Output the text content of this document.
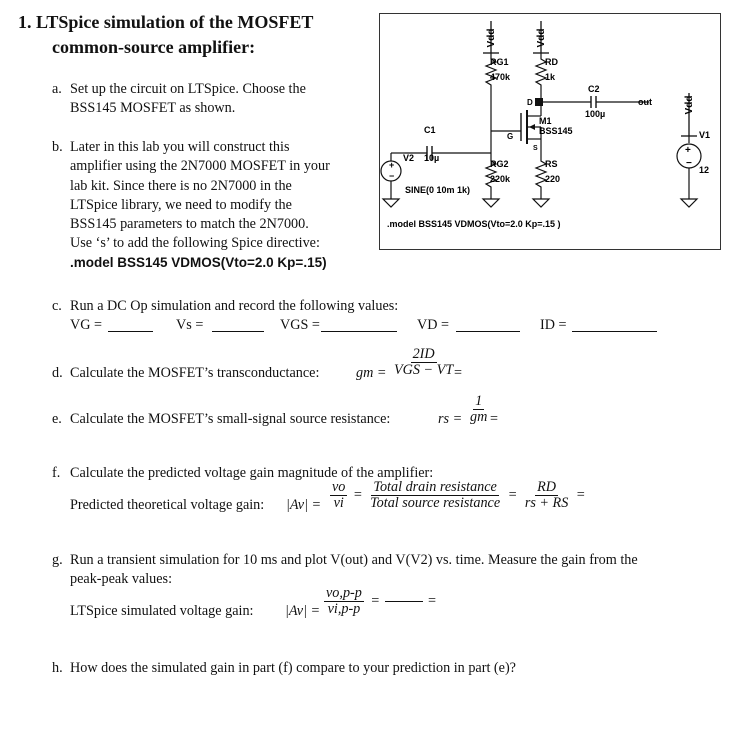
1. LTSpice simulation of the MOSFET
common-source amplifier:
a. Set up the circuit on LTSpice. Choose the
BSS145 MOSFET as shown.
b. Later in this lab you will construct this
amplifier using the 2N7000 MOSFET in your
lab kit. Since there is no 2N7000 in the
LTSpice library, we need to modify the
BSS145 parameters to match the 2N7000.
Use ‘s’ to add the following Spice directive:
.model BSS145 VDMOS(Vto=2.0 Kp=.15)
Vdd	Vdd
RG1
470k
RD
1k
D
C2
100µ
out
M1
BSS145
G
S
C1
V2 10µ
RG2
220k
RS
220
+
−
SINE(0 10m 1k)
Vdd
+
−
V1
12
.model BSS145 VDMOS(Vto=2.0 Kp=.15 )
c. Run a DC Op simulation and record the following values:
VG =	Vs =	VGS =	VD =	ID =
d. Calculate the MOSFET’s transconductance:	gm = $\frac{2ID}{\text{VGS − VT}}$
=
e. Calculate the MOSFET’s small-signal source resistance:	rs = $\frac{1}{gm}$ =
f. Calculate the predicted voltage gain magnitude of the amplifier:
Predicted theoretical voltage gain: $|Av| = \frac{vo}{vi} = \frac{\text{Total drain resistance}}{\text{Total source resistance}} = \frac{RD}{rs + RS}$ =
g. Run a transient simulation for 10 ms and plot V(out) and V(V2) vs. time. Measure the gain from the
peak-peak values:
LTSpice simulated voltage gain: $|Av| = \frac{vo,p-p}{vi,p-p}$ =

	=
h. How does the simulated gain in part (f) compare to your prediction in part (e)?
